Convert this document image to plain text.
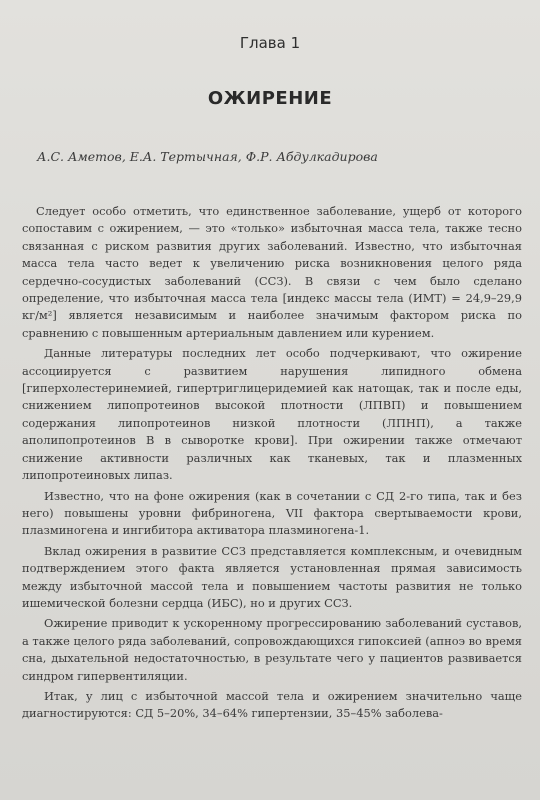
Глава 1
ОЖИРЕНИЕ
А.С. Аметов, Е.А. Тертычная, Ф.Р. Абдулкадирова

Следует особо отметить, что единственное заболевание, ущерб от которого сопоставим с ожирением, — это «только» избыточная масса тела, также тесно связанная с риском развития других заболеваний. Известно, что избыточная масса тела часто ведет к увеличению риска возникновения целого ряда сердечно-сосудистых заболеваний (ССЗ). В связи с чем было сделано определение, что избыточная масса тела [индекс массы тела (ИМТ) = 24,9–29,9 кг/м²] является независимым и наиболее значимым фактором риска по сравнению с повышенным артериальным давлением или курением.

Данные литературы последних лет особо подчеркивают, что ожирение ассоциируется с развитием нарушения липидного обмена [гиперхолестеринемией, гипертриглицеридемией как натощак, так и после еды, снижением липопротеинов высокой плотности (ЛПВП) и повышением содержания липопротеинов низкой плотности (ЛПНП), а также аполипопротеинов В в сыворотке крови]. При ожирении также отмечают снижение активности различных как тканевых, так и плазменных липопротеиновых липаз.

Известно, что на фоне ожирения (как в сочетании с СД 2-го типа, так и без него) повышены уровни фибриногена, VII фактора свертываемости крови, плазминогена и ингибитора активатора плазминогена-1.

Вклад ожирения в развитие ССЗ представляется комплексным, и очевидным подтверждением этого факта является установленная прямая зависимость между избыточной массой тела и повышением частоты развития не только ишемической болезни сердца (ИБС), но и других ССЗ.

Ожирение приводит к ускоренному прогрессированию заболеваний суставов, а также целого ряда заболеваний, сопровождающихся гипоксией (апноэ во время сна, дыхательной недостаточностью, в результате чего у пациентов развивается синдром гипервентиляции.

Итак, у лиц с избыточной массой тела и ожирением значительно чаще диагностируются: СД 5–20%, 34–64% гипертензии, 35–45% заболева-
